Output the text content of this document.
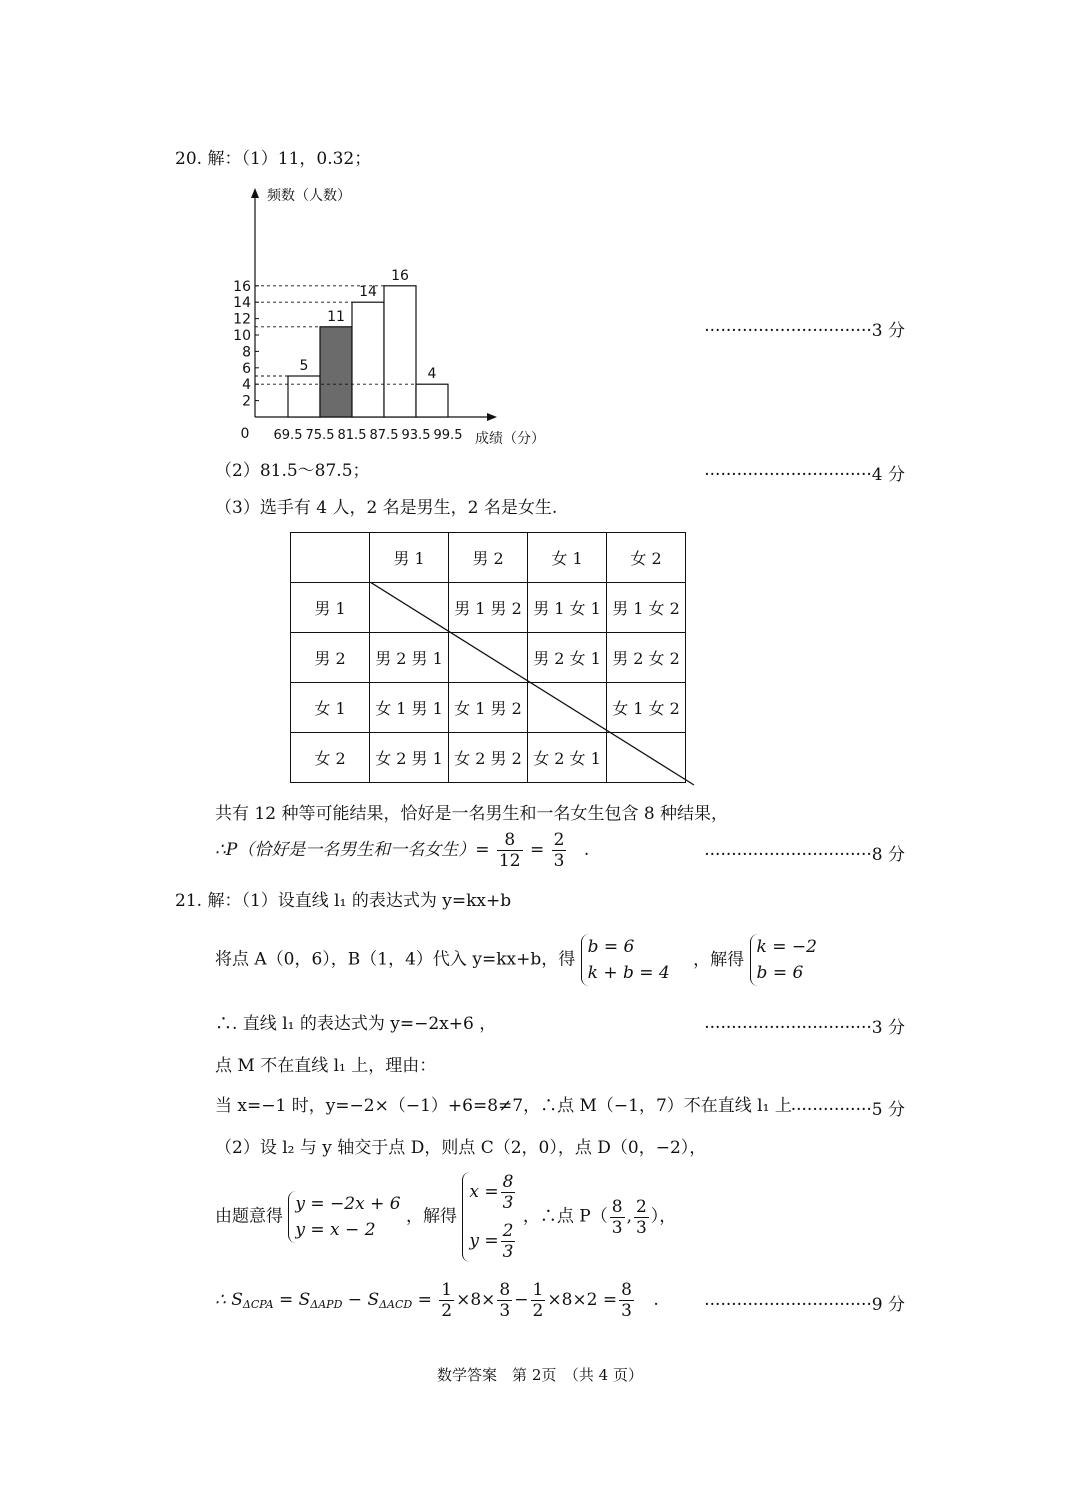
20. 解：（1）11，0.32；
2
4
6
8
10
12
14
16
0
5
11
14
16
4
69.5 75.5 81.5 87.5 93.5 99.5 成绩（分）
频数（人数）
·······························3 分
（2）81.5～87.5；	·······························4 分
（3）选手有 4 人，2 名是男生，2 名是女生.
	男 1	男 2	女 1	女 2
男 1		男 1 男 2	男 1 女 1	男 1 女 2
男 2	男 2 男 1		男 2 女 1	男 2 女 2
女 1	女 1 男 1	女 1 男 2		女 1 女 2
女 2	女 2 男 1	女 2 男 2	女 2 女 1	
共有 12 种等可能结果，恰好是一名男生和一名女生包含 8 种结果，
∴P（恰好是一名男生和一名女生）= $\frac{8}{12} = \frac{2}{3}$ .	·······························8 分
21. 解：（1）设直线 l₁ 的表达式为 y=kx+b
将点 A（0，6），B（1，4）代入 y=kx+b，得
b = 6
k + b = 4
，解得
k = −2
b = 6
∴. 直线 l₁ 的表达式为 y=−2x+6 ，	·······························3 分
点 M 不在直线 l₁ 上，理由：
当 x=−1 时，y=−2×（−1）+6=8≠7，∴点 M（−1，7）不在直线 l₁ 上
···············5 分
（2）设 l₂ 与 y 轴交于点 D，则点 C（2，0），点 D（0，−2），
由题意得
y = −2x + 6
y = x − 2
，解得
$x = \frac{8}{3}$
$y = \frac{2}{3}$
，∴点 $P( \frac{8}{3}$ , $\frac{2}{3}$ ），
∴ $S_{\Delta CPA} = S_{\Delta APD} - S_{\Delta ACD} = \frac{1}{2} \times 8\times \frac{8}{3} - \frac{1}{2} \times 8\times 2 = \frac{8}{3}$ .	·······························9 分
数学答案　第 2页　（共 4 页）
